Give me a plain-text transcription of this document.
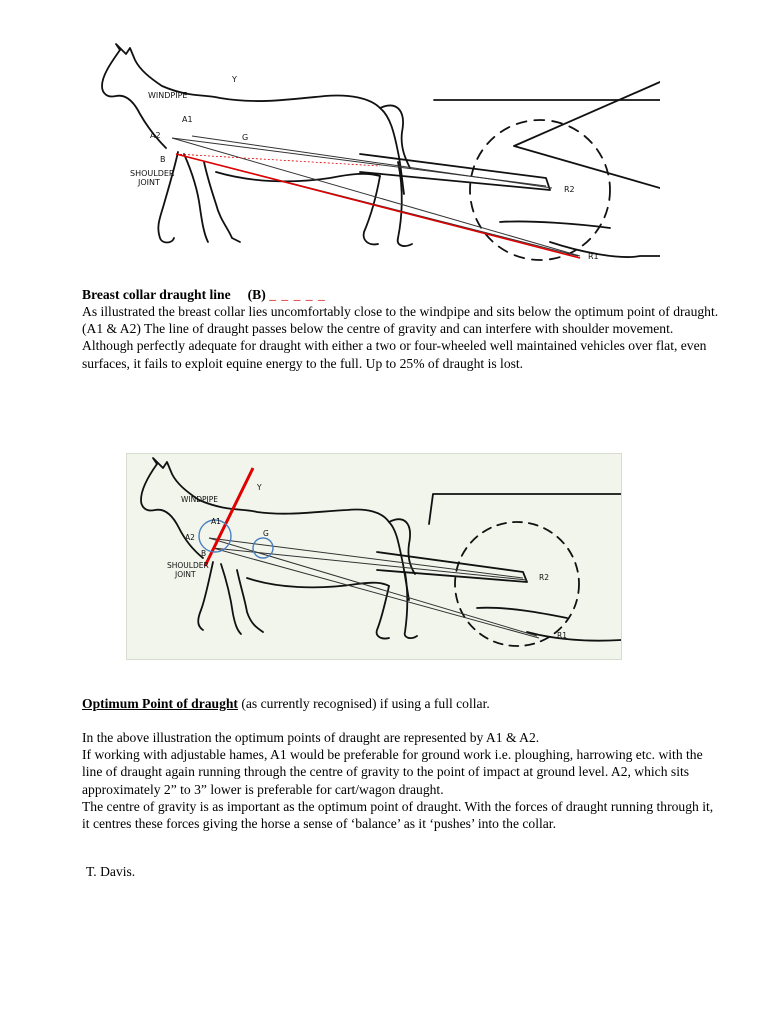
WINDPIPE
A1
A2
B
SHOULDER
JOINT
G
Y
R2
R1
Breast collar draught line (B) _ _ _ _ _
As illustrated the breast collar lies uncomfortably close to the windpipe and sits below the optimum point of draught. (A1 & A2) The line of draught passes below the centre of gravity and can interfere with shoulder movement. Although perfectly adequate for draught with either a two or four-wheeled well maintained vehicles over flat, even surfaces, it fails to exploit equine energy to the full. Up to 25% of draught is lost.
WINDPIPE
A1
A2
B
SHOULDER
JOINT
G
Y
R2
R1
Optimum Point of draught (as currently recognised) if using a full collar.
In the above illustration the optimum points of draught are represented by A1 & A2.
If working with adjustable hames, A1 would be preferable for ground work i.e. ploughing, harrowing etc. with the line of draught again running through the centre of gravity to the point of impact at ground level. A2, which sits approximately 2” to 3” lower is preferable for cart/wagon draught.
The centre of gravity is as important as the optimum point of draught. With the forces of draught running through it, it centres these forces giving the horse a sense of ‘balance’ as it ‘pushes’ into the collar.
T. Davis.
